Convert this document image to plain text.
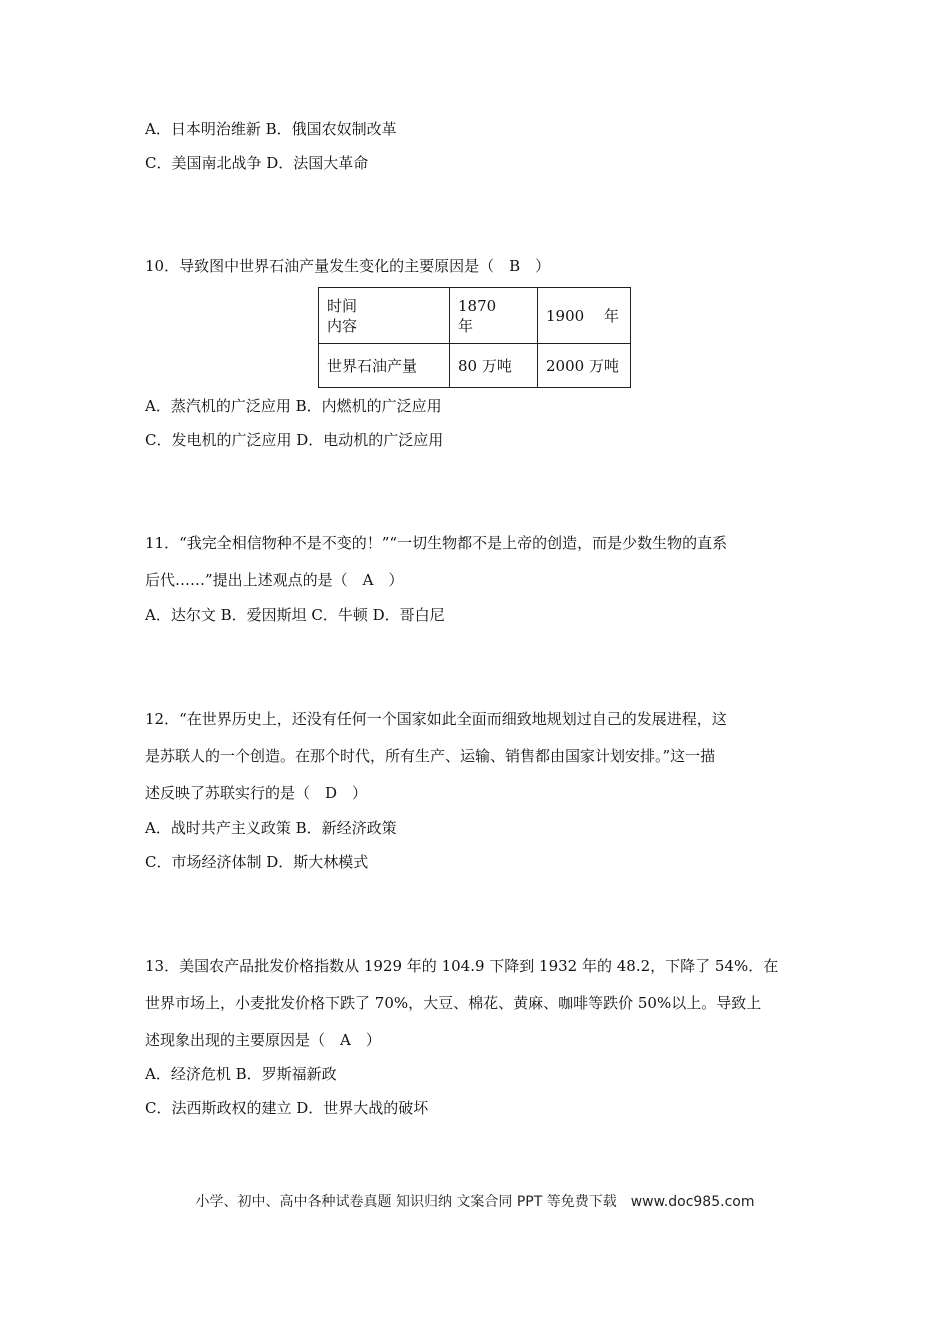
A．日本明治维新 B．俄国农奴制改革
C．美国南北战争 D．法国大革命
10．导致图中世界石油产量发生变化的主要原因是（　B　）
时间
内容	1870　 年	1900　 年
世界石油产量	80 万吨	2000 万吨
A．蒸汽机的广泛应用 B．内燃机的广泛应用
C．发电机的广泛应用 D．电动机的广泛应用
11．“我完全相信物种不是不变的！”“一切生物都不是上帝的创造，而是少数生物的直系
后代……”提出上述观点的是（　A　）
A．达尔文 B．爱因斯坦 C．牛顿 D．哥白尼
12．“在世界历史上，还没有任何一个国家如此全面而细致地规划过自己的发展进程，这
是苏联人的一个创造。在那个时代，所有生产、运输、销售都由国家计划安排。”这一描
述反映了苏联实行的是（　D　）
A．战时共产主义政策 B．新经济政策
C．市场经济体制 D．斯大林模式
13．美国农产品批发价格指数从 1929 年的 104.9 下降到 1932 年的 48.2，下降了 54%．在
世界市场上，小麦批发价格下跌了 70%，大豆、棉花、黄麻、咖啡等跌价 50%以上。导致上
述现象出现的主要原因是（　A　）
A．经济危机 B．罗斯福新政
C．法西斯政权的建立 D．世界大战的破坏
小学、初中、高中各种试卷真题 知识归纳 文案合同 PPT 等免费下载　www.doc985.com
